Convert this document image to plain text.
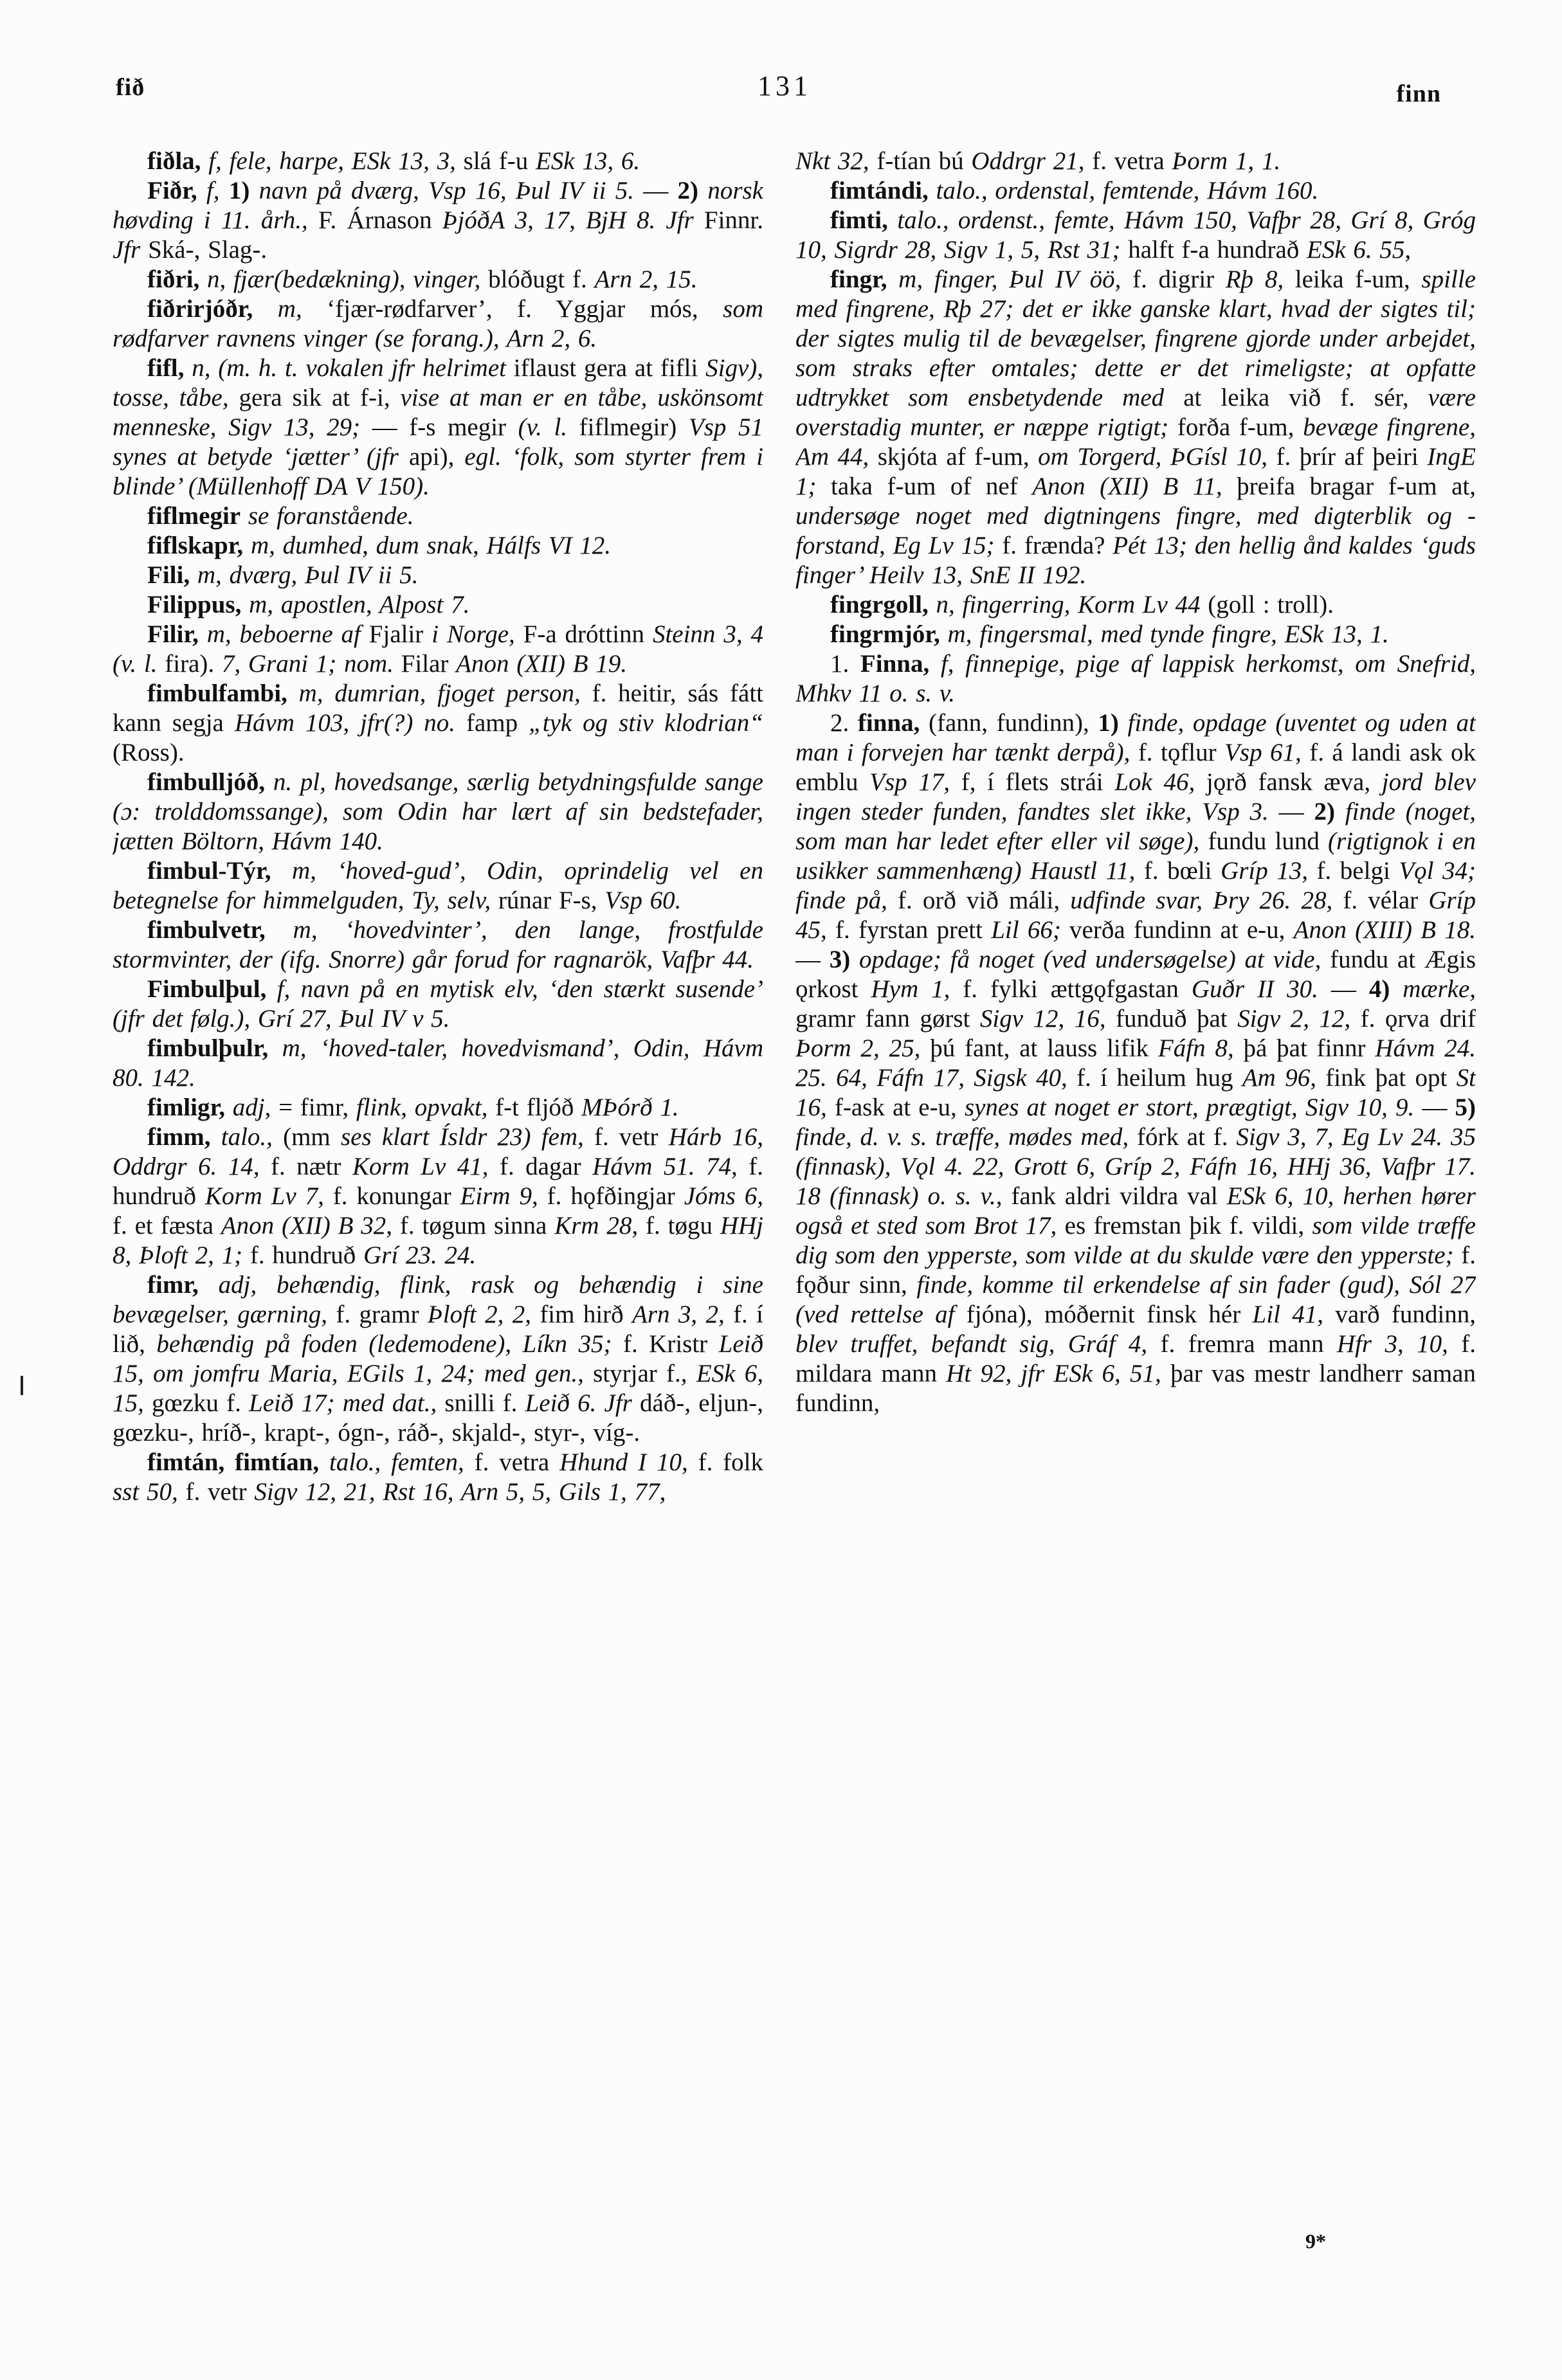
fið	131	finn

fiðla, f, fele, harpe, ESk 13, 3, slá f-u ESk 13, 6.

Fiðr, f, 1) navn på dværg, Vsp 16, Þul IV ii 5. — 2) norsk høvding i 11. årh., F. Árnason ÞjóðA 3, 17, BjH 8. Jfr Finnr. Jfr Ská-, Slag-.

fiðri, n, fjær(bedækning), vinger, blóðugt f. Arn 2, 15.

fiðrirjóðr, m, ‘fjær-rødfarver’, f. Yggjar mós, som rødfarver ravnens vinger (se forang.), Arn 2, 6.

fifl, n, (m. h. t. vokalen jfr helrimet iflaust gera at fifli Sigv), tosse, tåbe, gera sik at f-i, vise at man er en tåbe, uskönsomt menneske, Sigv 13, 29; — f-s megir (v. l. fiflmegir) Vsp 51 synes at betyde ‘jætter’ (jfr api), egl. ‘folk, som styrter frem i blinde’ (Müllenhoff DA V 150).

fiflmegir se foranstående.

fiflskapr, m, dumhed, dum snak, Hálfs VI 12.

Fili, m, dværg, Þul IV ii 5.

Filippus, m, apostlen, Alpost 7.

Filir, m, beboerne af Fjalir i Norge, F-a dróttinn Steinn 3, 4 (v. l. fira). 7, Grani 1; nom. Filar Anon (XII) B 19.

fimbulfambi, m, dumrian, fjoget person, f. heitir, sás fátt kann segja Hávm 103, jfr(?) no. famp „tyk og stiv klodrian“ (Ross).

fimbulljóð, n. pl, hovedsange, særlig betydningsfulde sange (ɔ: trolddomssange), som Odin har lært af sin bedstefader, jætten Böltorn, Hávm 140.

fimbul-Týr, m, ‘hoved-gud’, Odin, oprindelig vel en betegnelse for himmelguden, Ty, selv, rúnar F-s, Vsp 60.

fimbulvetr, m, ‘hovedvinter’, den lange, frostfulde stormvinter, der (ifg. Snorre) går forud for ragnarök, Vafþr 44.

Fimbulþul, f, navn på en mytisk elv, ‘den stærkt susende’ (jfr det følg.), Grí 27, Þul IV v 5.

fimbulþulr, m, ‘hoved-taler, hovedvismand’, Odin, Hávm 80. 142.

fimligr, adj, = fimr, flink, opvakt, f-t fljóð MÞórð 1.

fimm, talo., (mm ses klart Ísldr 23) fem, f. vetr Hárb 16, Oddrgr 6. 14, f. nætr Korm Lv 41, f. dagar Hávm 51. 74, f. hundruð Korm Lv 7, f. konungar Eirm 9, f. hǫfðingjar Jóms 6, f. et fæsta Anon (XII) B 32, f. tøgum sinna Krm 28, f. tøgu HHj 8, Þloft 2, 1; f. hundruð Grí 23. 24.

fimr, adj, behændig, flink, rask og behændig i sine bevægelser, gærning, f. gramr Þloft 2, 2, fim hirð Arn 3, 2, f. í lið, behændig på foden (ledemodene), Líkn 35; f. Kristr Leið 15, om jomfru Maria, EGils 1, 24; med gen., styrjar f., ESk 6, 15, gœzku f. Leið 17; med dat., snilli f. Leið 6. Jfr dáð-, eljun-, gœzku-, hríð-, krapt-, ógn-, ráð-, skjald-, styr-, víg-.

fimtán, fimtían, talo., femten, f. vetra Hhund I 10, f. folk sst 50, f. vetr Sigv 12, 21, Rst 16, Arn 5, 5, Gils 1, 77,

Nkt 32, f-tían bú Oddrgr 21, f. vetra Þorm 1, 1.

fimtándi, talo., ordenstal, femtende, Hávm 160.

fimti, talo., ordenst., femte, Hávm 150, Vafþr 28, Grí 8, Gróg 10, Sigrdr 28, Sigv 1, 5, Rst 31; halft f-a hundrað ESk 6. 55,

fingr, m, finger, Þul IV öö, f. digrir Rþ 8, leika f-um, spille med fingrene, Rþ 27; det er ikke ganske klart, hvad der sigtes til; der sigtes mulig til de bevægelser, fingrene gjorde under arbejdet, som straks efter omtales; dette er det rimeligste; at opfatte udtrykket som ensbetydende med at leika við f. sér, være overstadig munter, er næppe rigtigt; forða f-um, bevæge fingrene, Am 44, skjóta af f-um, om Torgerd, ÞGísl 10, f. þrír af þeiri IngE 1; taka f-um of nef Anon (XII) B 11, þreifa bragar f-um at, undersøge noget med digtningens fingre, med digterblik og -forstand, Eg Lv 15; f. frænda? Pét 13; den hellig ånd kaldes ‘guds finger’ Heilv 13, SnE II 192.

fingrgoll, n, fingerring, Korm Lv 44 (goll : troll).

fingrmjór, m, fingersmal, med tynde fingre, ESk 13, 1.

1. Finna, f, finnepige, pige af lappisk herkomst, om Snefrid, Mhkv 11 o. s. v.

2. finna, (fann, fundinn), 1) finde, opdage (uventet og uden at man i forvejen har tænkt derpå), f. tǫflur Vsp 61, f. á landi ask ok emblu Vsp 17, f, í flets strái Lok 46, jǫrð fansk æva, jord blev ingen steder funden, fandtes slet ikke, Vsp 3. — 2) finde (noget, som man har ledet efter eller vil søge), fundu lund (rigtignok i en usikker sammenhæng) Haustl 11, f. bœli Gríp 13, f. belgi Vǫl 34; finde på, f. orð við máli, udfinde svar, Þry 26. 28, f. vélar Gríp 45, f. fyrstan prett Lil 66; verða fundinn at e-u, Anon (XIII) B 18. — 3) opdage; få noget (ved undersøgelse) at vide, fundu at Ægis ǫrkost Hym 1, f. fylki ættgǫfgastan Guðr II 30. — 4) mærke, gramr fann gørst Sigv 12, 16, funduð þat Sigv 2, 12, f. ǫrva drif Þorm 2, 25, þú fant, at lauss lifik Fáfn 8, þá þat finnr Hávm 24. 25. 64, Fáfn 17, Sigsk 40, f. í heilum hug Am 96, fink þat opt St 16, f-ask at e-u, synes at noget er stort, prægtigt, Sigv 10, 9. — 5) finde, d. v. s. træffe, mødes med, fórk at f. Sigv 3, 7, Eg Lv 24. 35 (finnask), Vǫl 4. 22, Grott 6, Gríp 2, Fáfn 16, HHj 36, Vafþr 17. 18 (finnask) o. s. v., fank aldri vildra val ESk 6, 10, herhen hører også et sted som Brot 17, es fremstan þik f. vildi, som vilde træffe dig som den ypperste, som vilde at du skulde være den ypperste; f. fǫður sinn, finde, komme til erkendelse af sin fader (gud), Sól 27 (ved rettelse af fjóna), móðernit finsk hér Lil 41, varð fundinn, blev truffet, befandt sig, Gráf 4, f. fremra mann Hfr 3, 10, f. mildara mann Ht 92, jfr ESk 6, 51, þar vas mestr landherr saman fundinn,

9*
